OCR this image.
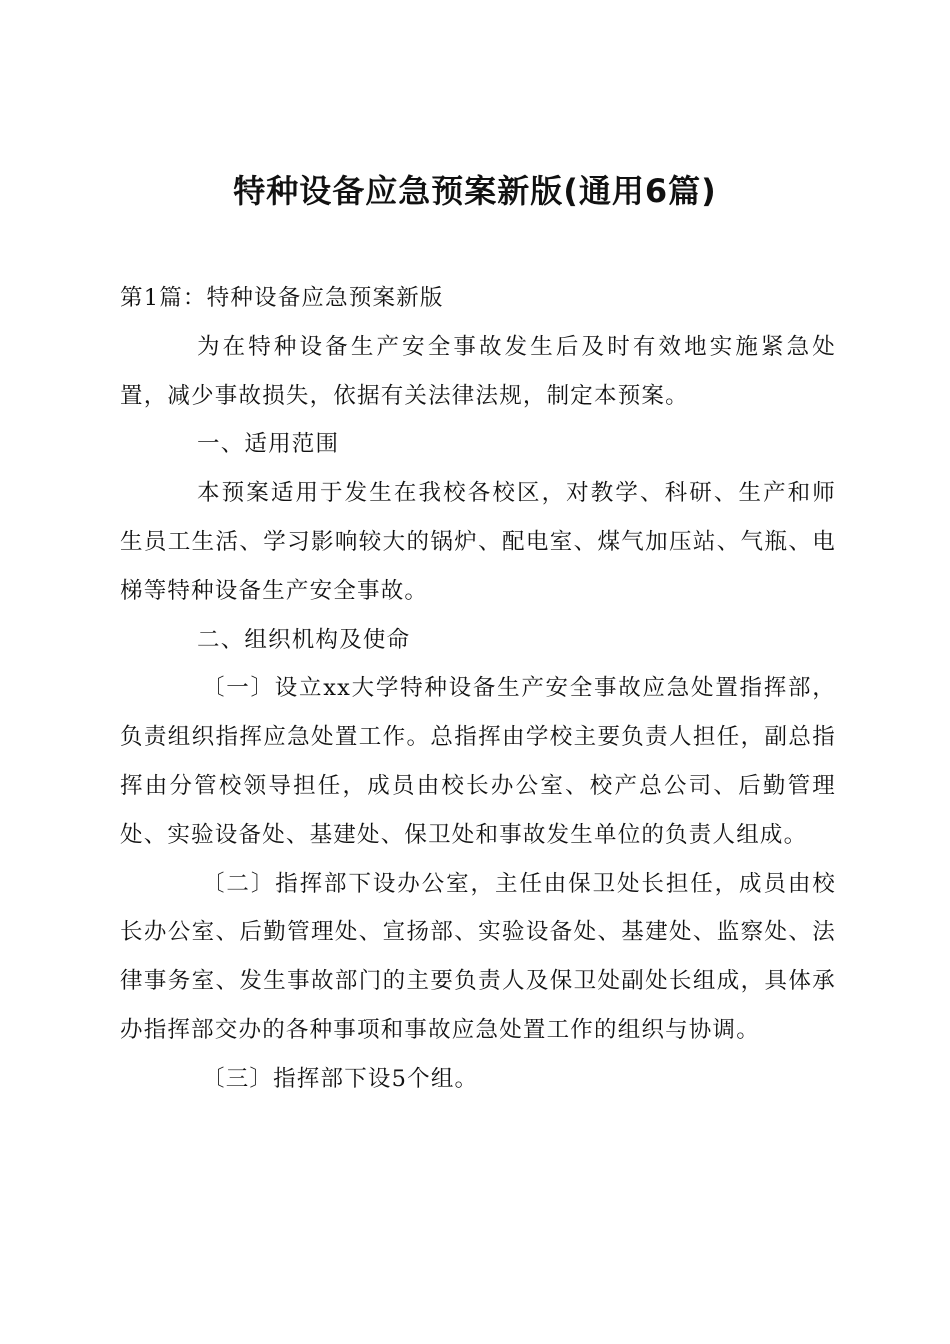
特种设备应急预案新版(通用6篇)

第1篇：特种设备应急预案新版

为在特种设备生产安全事故发生后及时有效地实施紧急处置，减少事故损失，依据有关法律法规，制定本预案。

一、适用范围

本预案适用于发生在我校各校区，对教学、科研、生产和师生员工生活、学习影响较大的锅炉、配电室、煤气加压站、气瓶、电梯等特种设备生产安全事故。

二、组织机构及使命

〔一〕设立xx大学特种设备生产安全事故应急处置指挥部，负责组织指挥应急处置工作。总指挥由学校主要负责人担任，副总指挥由分管校领导担任，成员由校长办公室、校产总公司、后勤管理处、实验设备处、基建处、保卫处和事故发生单位的负责人组成。

〔二〕指挥部下设办公室，主任由保卫处长担任，成员由校长办公室、后勤管理处、宣扬部、实验设备处、基建处、监察处、法律事务室、发生事故部门的主要负责人及保卫处副处长组成，具体承办指挥部交办的各种事项和事故应急处置工作的组织与协调。

〔三〕指挥部下设5个组。
